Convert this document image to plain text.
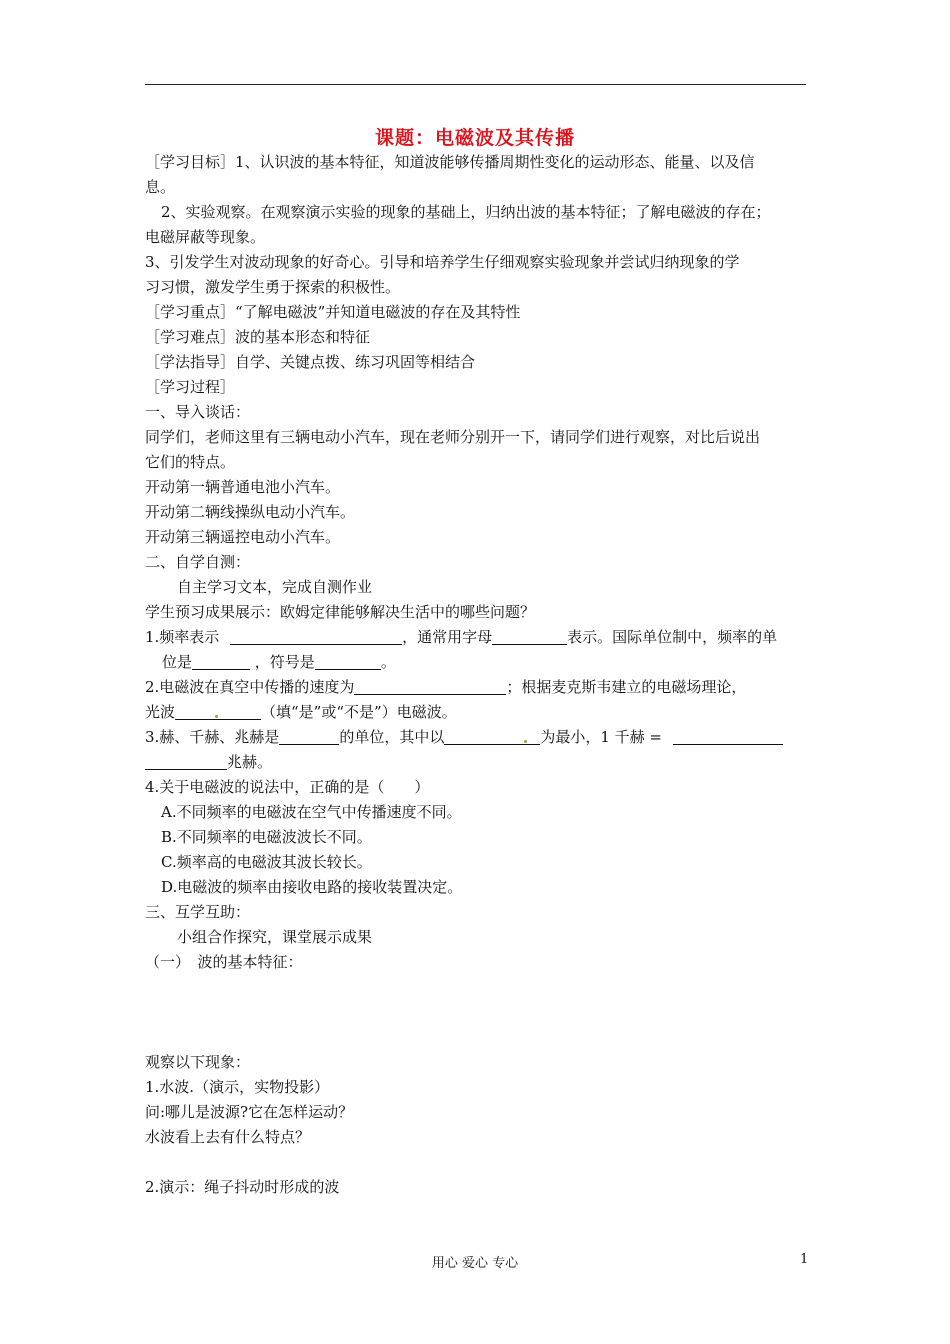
课题：电磁波及其传播
［学习目标］1、认识波的基本特征，知道波能够传播周期性变化的运动形态、能量、以及信
息。
2、实验观察。在观察演示实验的现象的基础上，归纳出波的基本特征；了解电磁波的存在；
电磁屏蔽等现象。
3、引发学生对波动现象的好奇心。引导和培养学生仔细观察实验现象并尝试归纳现象的学
习习惯，激发学生勇于探索的积极性。
［学习重点］“了解电磁波”并知道电磁波的存在及其特性
［学习难点］波的基本形态和特征
［学法指导］自学、关键点拨、练习巩固等相结合
［学习过程］
一、导入谈话：
同学们，老师这里有三辆电动小汽车，现在老师分别开一下，请同学们进行观察，对比后说出
它们的特点。
开动第一辆普通电池小汽车。
开动第二辆线操纵电动小汽车。
开动第三辆遥控电动小汽车。
二、自学自测：
自主学习文本，完成自测作业
学生预习成果展示：欧姆定律能够解决生活中的哪些问题？
1.频率表示	，通常用字母	表示。国际单位制中，频率的单
位是	，符号是	。
2.电磁波在真空中传播的速度为	；根据麦克斯韦建立的电磁场理论，
光波	（填“是”或“不是”）电磁波。
3.赫、千赫、兆赫是	的单位，其中以	为最小，1 千赫 =
兆赫。
4.关于电磁波的说法中，正确的是（　　）
A.不同频率的电磁波在空气中传播速度不同。
B.不同频率的电磁波波长不同。
C.频率高的电磁波其波长较长。
D.电磁波的频率由接收电路的接收装置决定。
三、互学互助：
小组合作探究，课堂展示成果
（一）　波的基本特征：
观察以下现象：
1.水波.（演示，实物投影）
问:哪儿是波源?它在怎样运动？
水波看上去有什么特点？
2.演示：绳子抖动时形成的波
用心 爱心 专心	1
